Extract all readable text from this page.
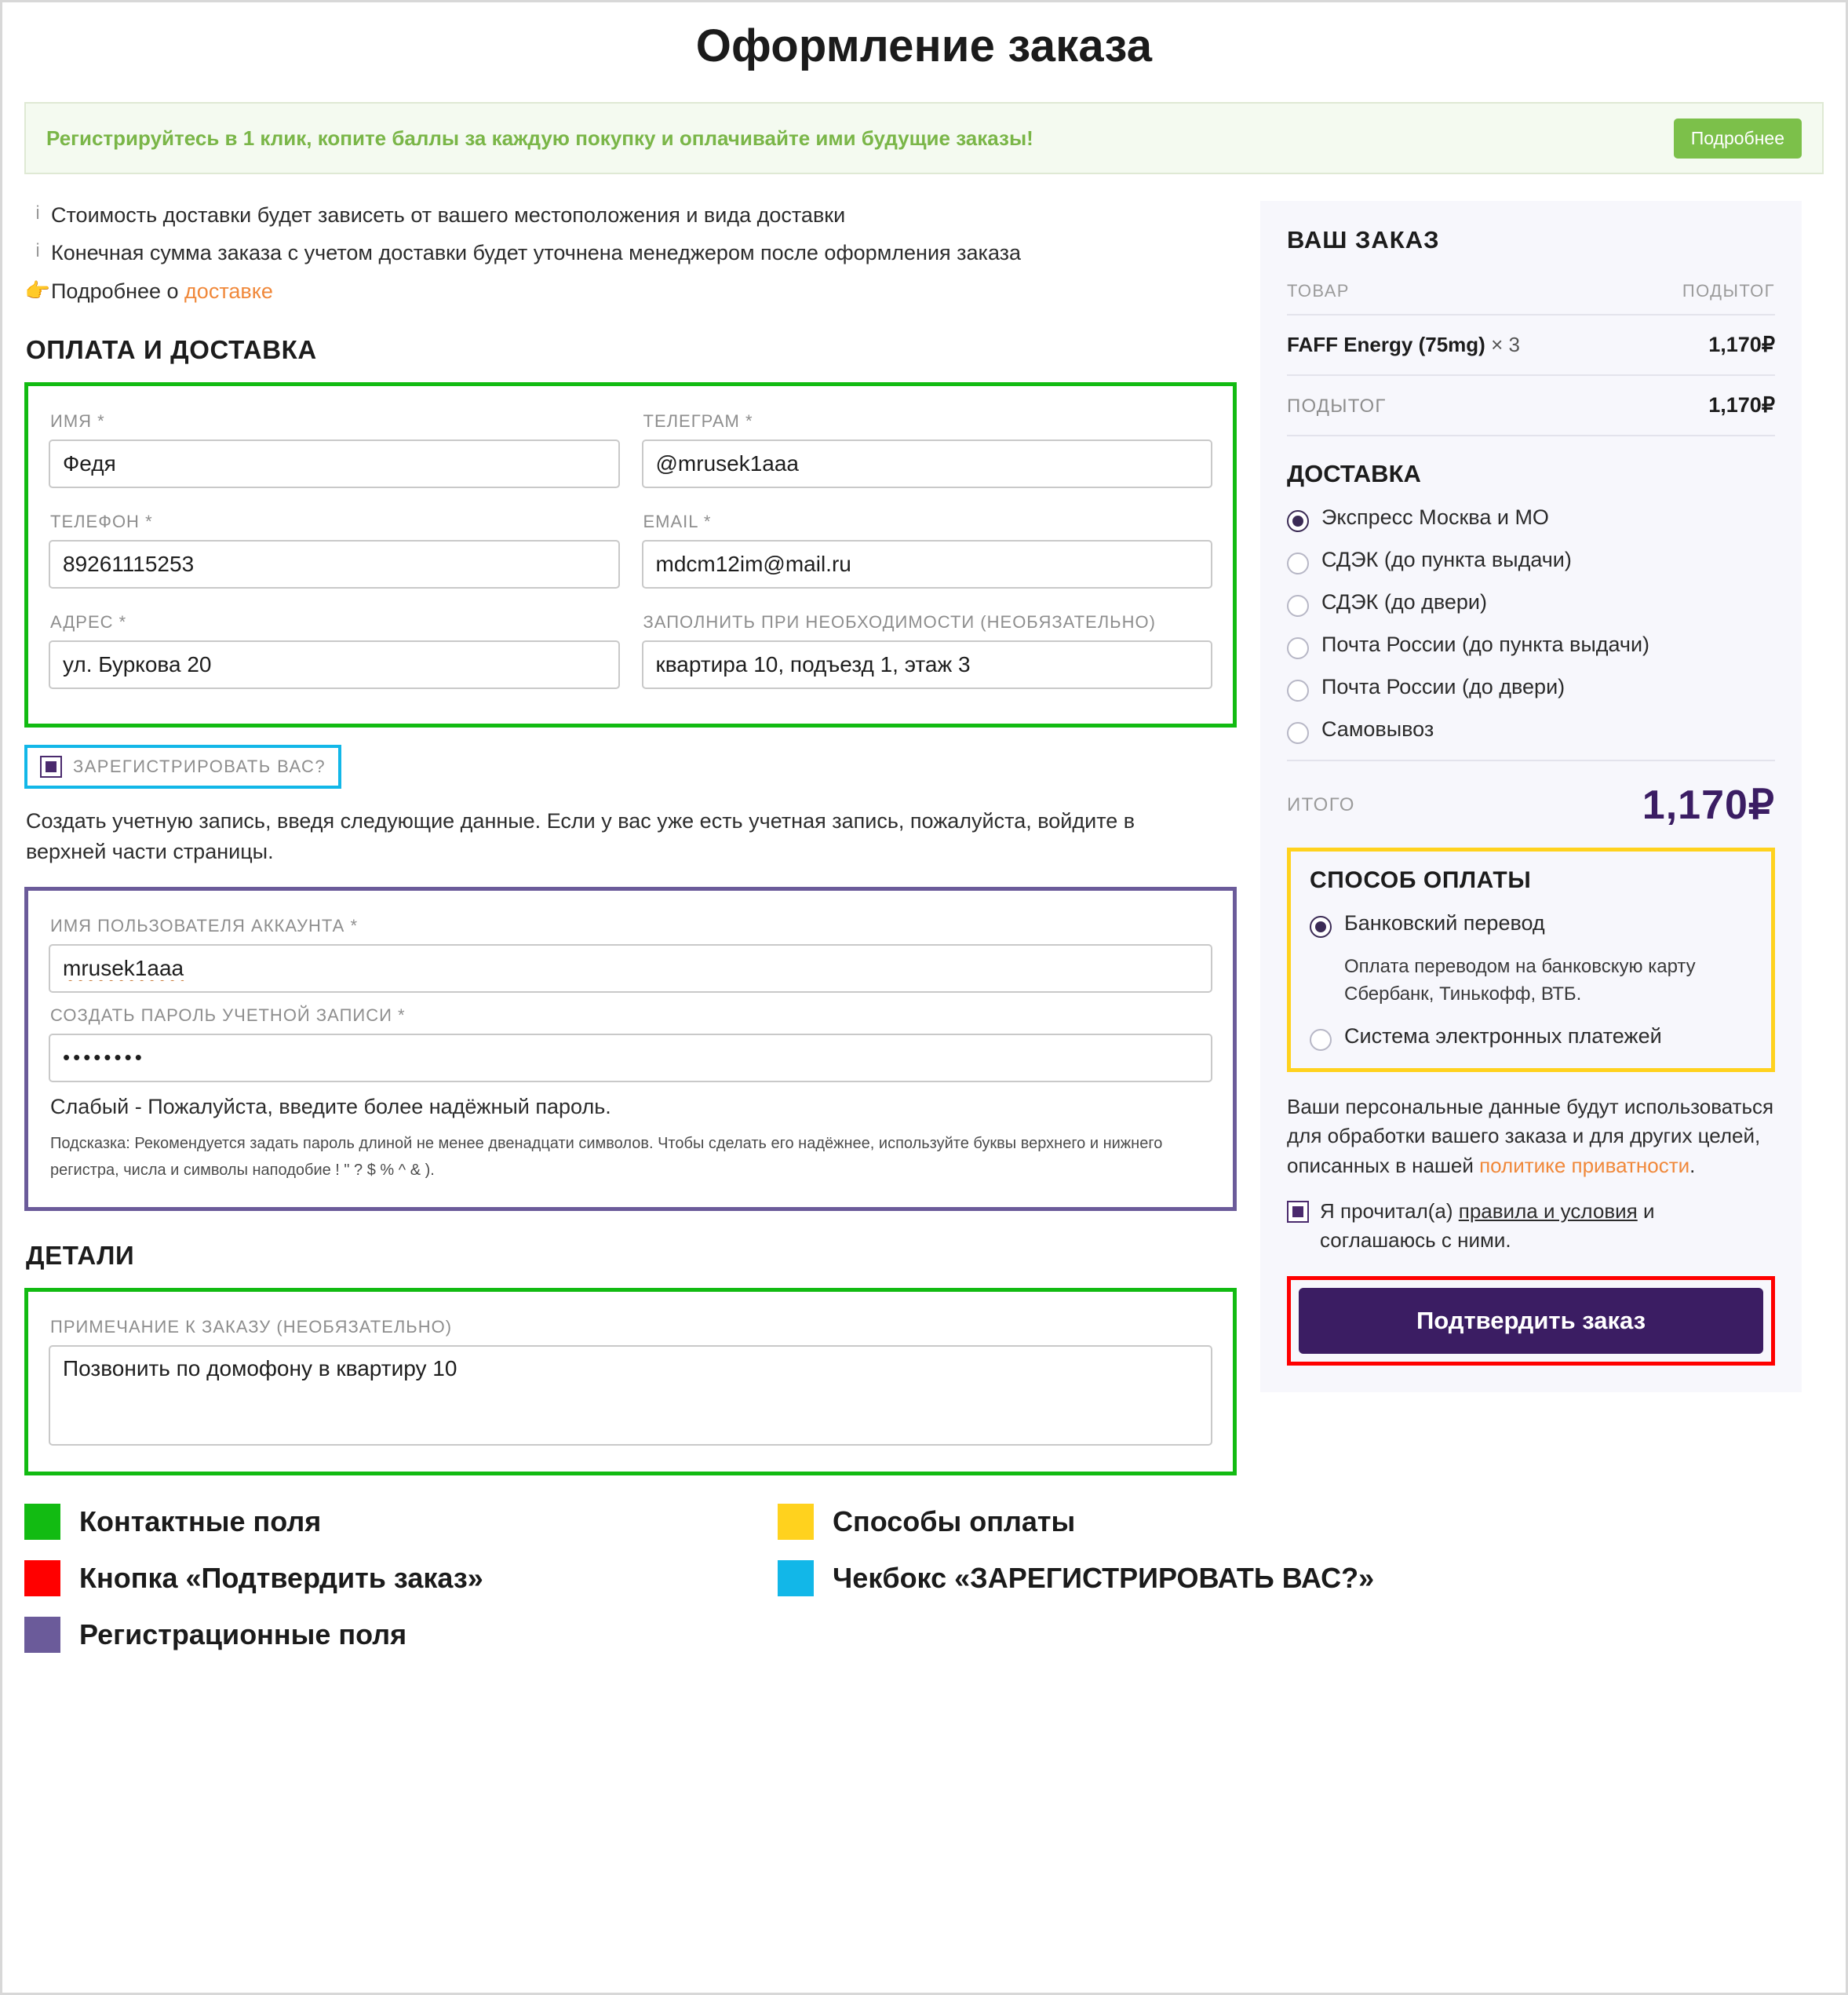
Оформление заказа
Регистрируйтесь в 1 клик, копите баллы за каждую покупку и оплачивайте ими будущие заказы!	Подробнее
i Стоимость доставки будет зависеть от вашего местоположения и вида доставки
i Конечная сумма заказа с учетом доставки будет уточнена менеджером после оформления заказа
👉 Подробнее о доставке
ОПЛАТА И ДОСТАВКА
ИМЯ *
Федя	ТЕЛЕГРАМ *
@mrusek1aaa
ТЕЛЕФОН *
89261115253	EMAIL *
mdcm12im@mail.ru
АДРЕС *
ул. Буркова 20	ЗАПОЛНИТЬ ПРИ НЕОБХОДИМОСТИ (НЕОБЯЗАТЕЛЬНО)
квартира 10, подъезд 1, этаж 3
ЗАРЕГИСТРИРОВАТЬ ВАС?

Создать учетную запись, введя следующие данные. Если у вас уже есть учетная запись, пожалуйста, войдите в верхней части страницы.

ИМЯ ПОЛЬЗОВАТЕЛЯ АККАУНТА *
mrusek1aaa
СОЗДАТЬ ПАРОЛЬ УЧЕТНОЙ ЗАПИСИ *
••••••••
Слабый - Пожалуйста, введите более надёжный пароль.
Подсказка: Рекомендуется задать пароль длиной не менее двенадцати символов. Чтобы сделать его надёжнее, используйте буквы верхнего и нижнего регистра, числа и символы наподобие ! " ? $ % ^ & ).
ДЕТАЛИ
ПРИМЕЧАНИЕ К ЗАКАЗУ (НЕОБЯЗАТЕЛЬНО)
Позвонить по домофону в квартиру 10
ВАШ ЗАКАЗ
ТОВАР	ПОДЫТОГ
FAFF Energy (75mg) × 3	1,170₽
ПОДЫТОГ	1,170₽
ДОСТАВКА
Экспресс Москва и МО
СДЭК (до пункта выдачи)
СДЭК (до двери)
Почта России (до пункта выдачи)
Почта России (до двери)
Самовывоз
ИТОГО	1,170₽
СПОСОБ ОПЛАТЫ
Банковский перевод
Оплата переводом на банковскую карту Сбербанк, Тинькофф, ВТБ.
Система электронных платежей

Ваши персональные данные будут использоваться для обработки вашего заказа и для других целей, описанных в нашей политике приватности.

Я прочитал(а) правила и условия и соглашаюсь с ними.
Подтвердить заказ
Контактные поля	Способы оплаты
Кнопка «Подтвердить заказ»	Чекбокс «ЗАРЕГИСТРИРОВАТЬ ВАС?»
Регистрационные поля
